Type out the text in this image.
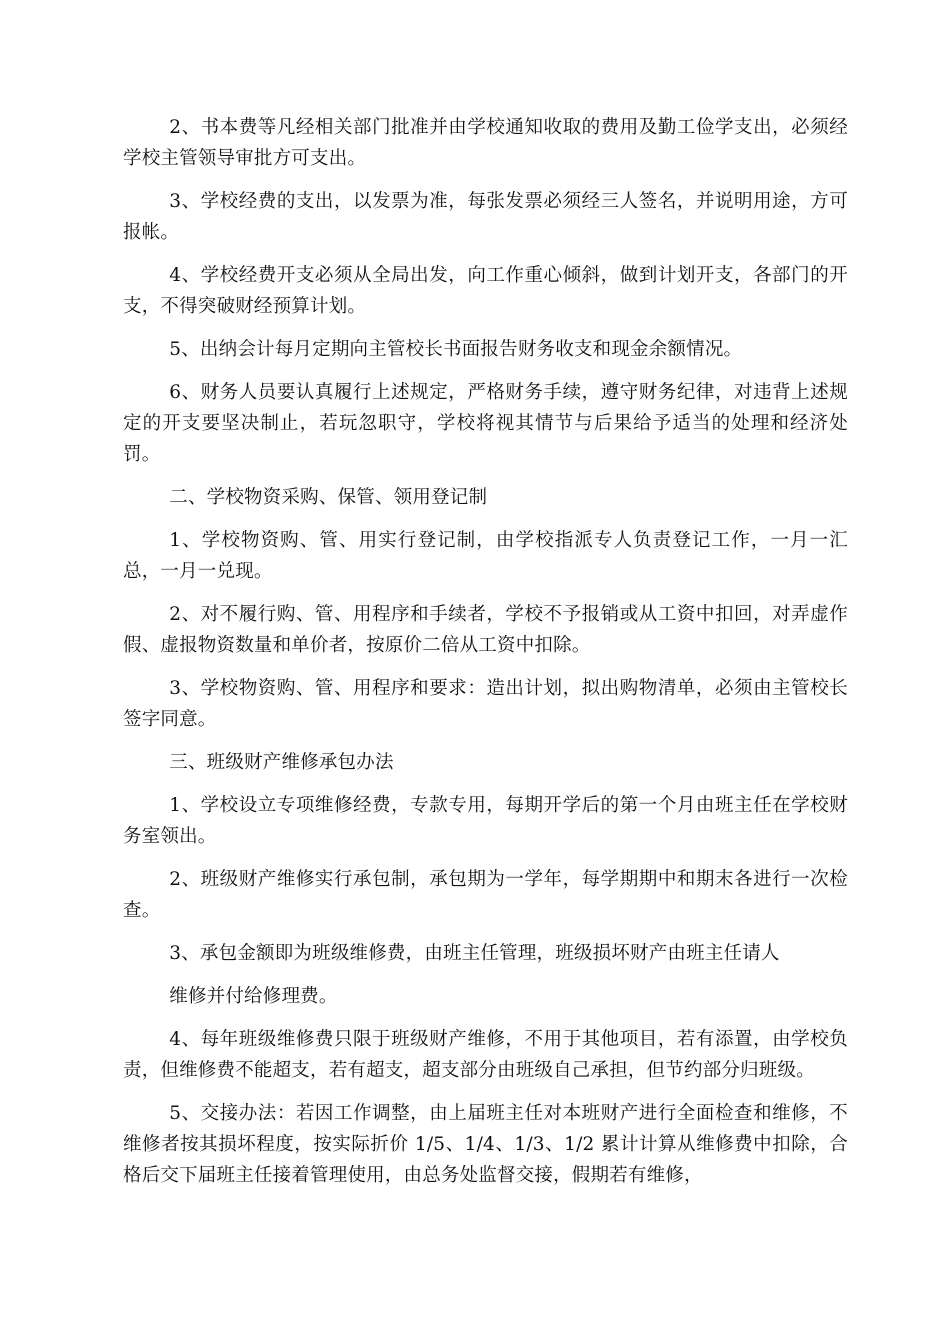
2、书本费等凡经相关部门批准并由学校通知收取的费用及勤工俭学支出，必须经学校主管领导审批方可支出。

3、学校经费的支出，以发票为准，每张发票必须经三人签名，并说明用途，方可报帐。

4、学校经费开支必须从全局出发，向工作重心倾斜，做到计划开支，各部门的开支，不得突破财经预算计划。

5、出纳会计每月定期向主管校长书面报告财务收支和现金余额情况。

6、财务人员要认真履行上述规定，严格财务手续，遵守财务纪律，对违背上述规定的开支要坚决制止，若玩忽职守，学校将视其情节与后果给予适当的处理和经济处罚。

二、学校物资采购、保管、领用登记制

1、学校物资购、管、用实行登记制，由学校指派专人负责登记工作，一月一汇总，一月一兑现。

2、对不履行购、管、用程序和手续者，学校不予报销或从工资中扣回，对弄虚作假、虚报物资数量和单价者，按原价二倍从工资中扣除。

3、学校物资购、管、用程序和要求：造出计划，拟出购物清单，必须由主管校长签字同意。

三、班级财产维修承包办法

1、学校设立专项维修经费，专款专用，每期开学后的第一个月由班主任在学校财务室领出。

2、班级财产维修实行承包制，承包期为一学年，每学期期中和期末各进行一次检查。

3、承包金额即为班级维修费，由班主任管理，班级损坏财产由班主任请人

维修并付给修理费。

4、每年班级维修费只限于班级财产维修，不用于其他项目，若有添置，由学校负责，但维修费不能超支，若有超支，超支部分由班级自己承担，但节约部分归班级。

5、交接办法：若因工作调整，由上届班主任对本班财产进行全面检查和维修，不维修者按其损坏程度，按实际折价 1/5、1/4、1/3、1/2 累计计算从维修费中扣除，合格后交下届班主任接着管理使用，由总务处监督交接，假期若有维修，
